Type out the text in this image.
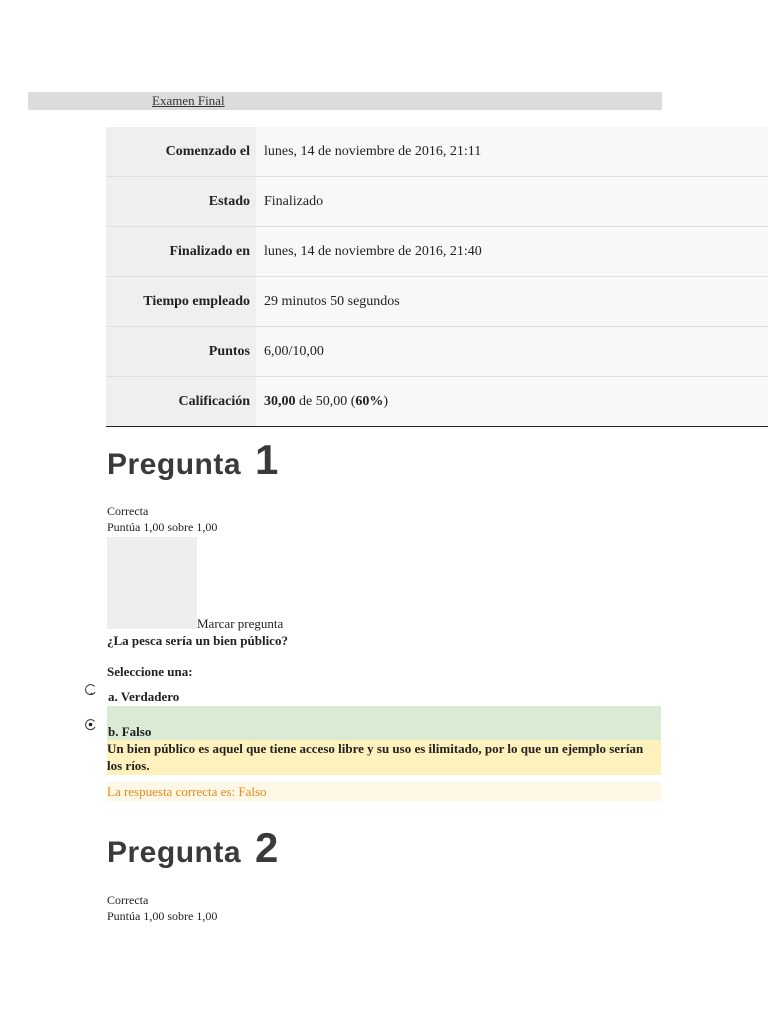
Examen Final
Comenzado el	lunes, 14 de noviembre de 2016, 21:11
Estado	Finalizado
Finalizado en	lunes, 14 de noviembre de 2016, 21:40
Tiempo empleado	29 minutos 50 segundos
Puntos	6,00/10,00
Calificación	30,00 de 50,00 (60%)
Pregunta 1
Correcta
Puntúa 1,00 sobre 1,00
Marcar pregunta
¿La pesca sería un bien público?
Seleccione una:
a. Verdadero
b. Falso
Un bien público es aquel que tiene acceso libre y su uso es ilimitado, por lo que un ejemplo serían los ríos.
La respuesta correcta es: Falso
Pregunta 2
Correcta
Puntúa 1,00 sobre 1,00
